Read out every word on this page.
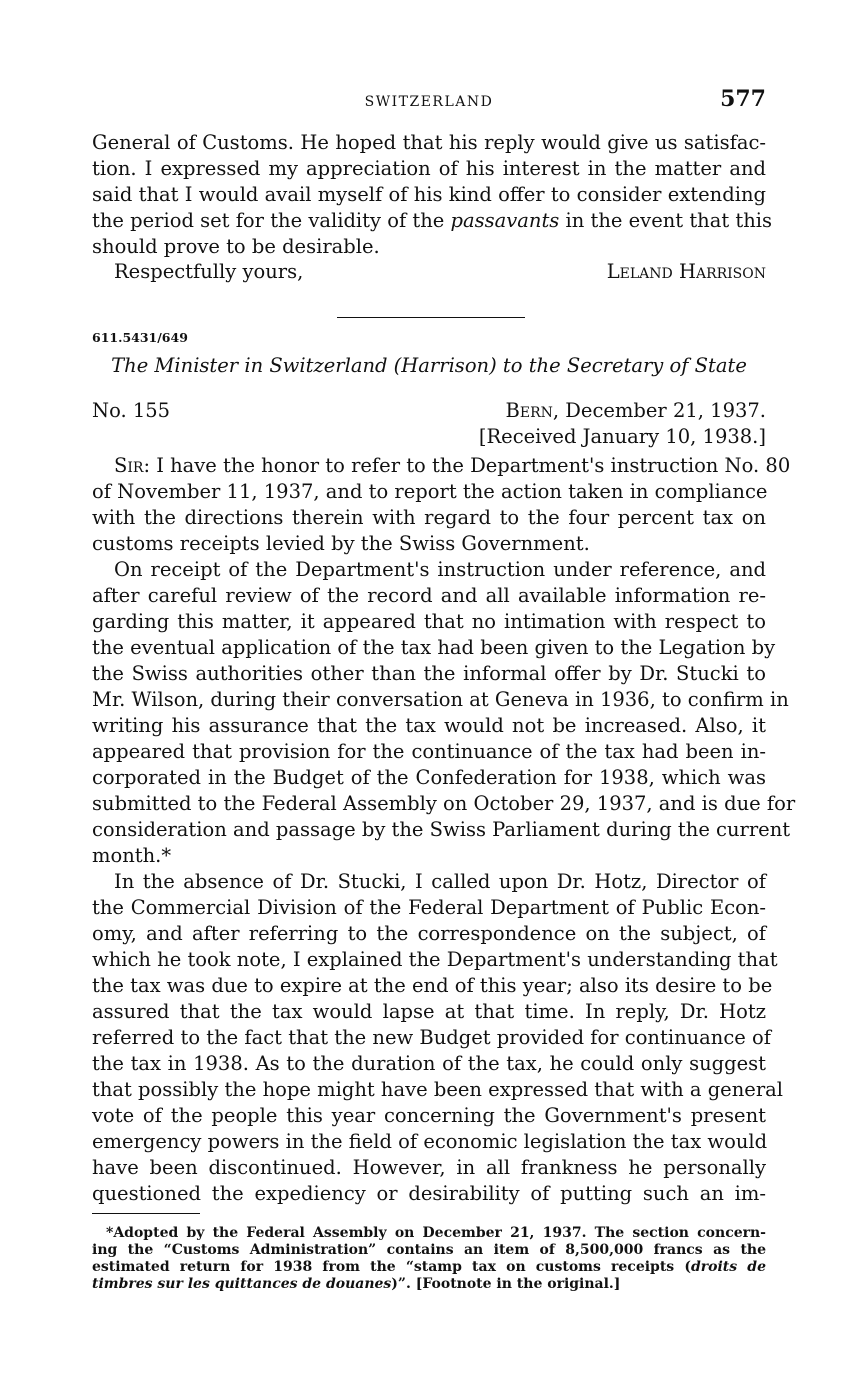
SWITZERLAND	577
General of Customs. He hoped that his reply would give us satisfac-
tion. I expressed my appreciation of his interest in the matter and
said that I would avail myself of his kind offer to consider extending
the period set for the validity of the passavants in the event that this
should prove to be desirable.
Respectfully yours,	Leland Harrison
611.5431/649
The Minister in Switzerland (Harrison) to the Secretary of State
No. 155	Bern, December 21, 1937.
[Received January 10, 1938.]
Sir: I have the honor to refer to the Department's instruction No. 80
of November 11, 1937, and to report the action taken in compliance
with the directions therein with regard to the four percent tax on
customs receipts levied by the Swiss Government.
On receipt of the Department's instruction under reference, and
after careful review of the record and all available information re-
garding this matter, it appeared that no intimation with respect to
the eventual application of the tax had been given to the Legation by
the Swiss authorities other than the informal offer by Dr. Stucki to
Mr. Wilson, during their conversation at Geneva in 1936, to confirm in
writing his assurance that the tax would not be increased. Also, it
appeared that provision for the continuance of the tax had been in-
corporated in the Budget of the Confederation for 1938, which was
submitted to the Federal Assembly on October 29, 1937, and is due for
consideration and passage by the Swiss Parliament during the current
month.*
In the absence of Dr. Stucki, I called upon Dr. Hotz, Director of
the Commercial Division of the Federal Department of Public Econ-
omy, and after referring to the correspondence on the subject, of
which he took note, I explained the Department's understanding that
the tax was due to expire at the end of this year; also its desire to be
assured that the tax would lapse at that time. In reply, Dr. Hotz
referred to the fact that the new Budget provided for continuance of
the tax in 1938. As to the duration of the tax, he could only suggest
that possibly the hope might have been expressed that with a general
vote of the people this year concerning the Government's present
emergency powers in the field of economic legislation the tax would
have been discontinued. However, in all frankness he personally
questioned the expediency or desirability of putting such an im-
*Adopted by the Federal Assembly on December 21, 1937. The section concern-
ing the “Customs Administration” contains an item of 8,500,000 francs as the
estimated return for 1938 from the “stamp tax on customs receipts (droits de
timbres sur les quittances de douanes)”. [Footnote in the original.]
